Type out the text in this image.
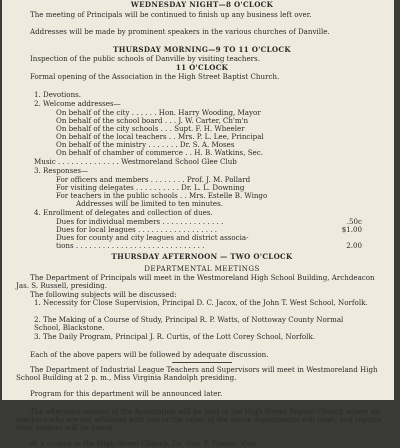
WEDNESDAY NIGHT—8 O'CLOCK
The meeting of Principals will be continued to finish up any business left over.
Addresses will be made by prominent speakers in the various churches of Danville.
THURSDAY MORNING—9 TO 11 O'CLOCK
Inspection of the public schools of Danville by visiting teachers.
11 O'CLOCK
Formal opening of the Association in the High Street Baptist Church.
1. Devotions.
2. Welcome addresses—
On behalf of the city . . . . . . Hon. Harry Wooding, Mayor
On behalf of the school board . . . J. W. Carter, Ch'm'n
On behalf of the city schools . . . Supt. F. H. Wheeler
On behalf of the local teachers . . Mrs. P. L. Lee, Principal
On behalf of the ministry . . . . . . . Dr. S. A. Moses
On behalf of chamber of commerce . . H. B. Watkins, Sec.
Music . . . . . . . . . . . . . . Westmoreland School Glee Club
3. Responses—
For officers and members . . . . . . . . Prof. J. M. Pollard
For visiting delegates . . . . . . . . . . Dr. L. L. Downing
For teachers in the public schools . . Mrs. Estelle B. Wingo
Addresses will be limited to ten minutes.
4. Enrollment of delegates and collection of dues.
Dues for individual members . . . . . . . . . . . . . .	.50c
Dues for local leagues . . . . . . . . . . . . . . . . . .	$1.00
Dues for county and city leagues and district associa-
tions . . . . . . . . . . . . . . . . . . . . . . . . . . . . .	2.00
THURSDAY AFTERNOON — TWO O'CLOCK
DEPARTMENTAL MEETINGS
The Department of Principals will meet in the Westmoreland High School Building, Archdeacon Jas. S. Russell, presiding.
The following subjects will be discussed:
1. Necessity for Close Supervision, Principal D. C. Jacox, of the John T. West School, Norfolk.
2. The Making of a Course of Study, Principal R. P. Watts, of Nottoway County Normal School, Blackstone.
3. The Daily Program, Principal J. R. Curtis, of the Lott Corey School, Norfolk.
Each of the above papers will be followed by adequate discussion.
The Department of Industrial League Teachers and Supervisors will meet in Westmoreland High School Building at 2 p. m., Miss Virginia Randolph presiding.
Program for this department will be announced later.
The afternoon session of the Association will be held in the High Street Baptist Church where all teachers who are not affiliated with one or the other of the above departments will meet, and reports from leagues will be heard.
At 4 o'clock in the High Street Church, Dr. Geo. P. Phenix, Vice-
